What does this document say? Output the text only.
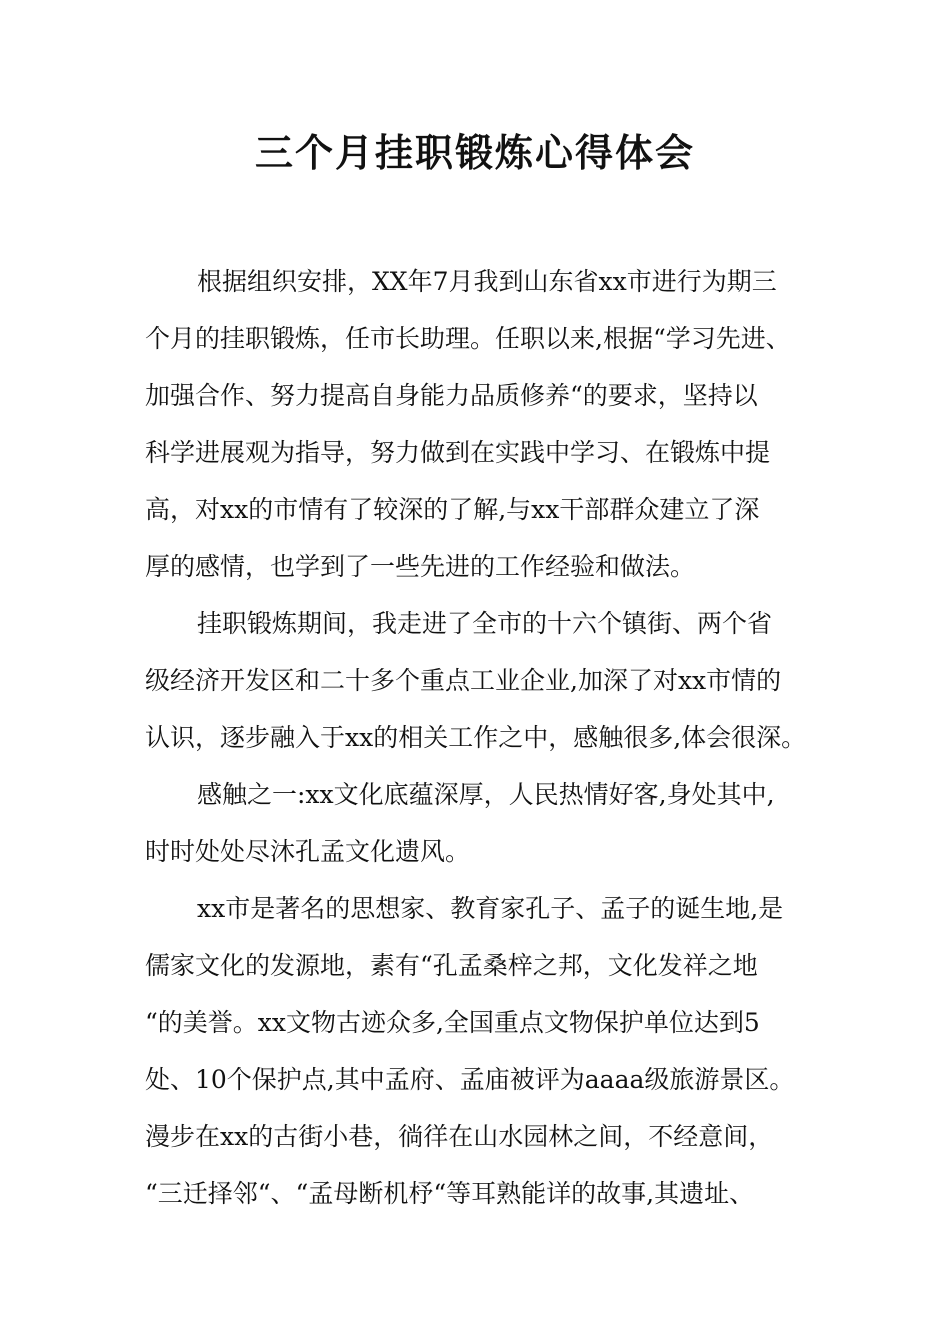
三个月挂职锻炼心得体会
根据组织安排，XX年7月我到山东省xx市进行为期三
个月的挂职锻炼，任市长助理。任职以来,根据“学习先进、
加强合作、努力提高自身能力品质修养“的要求，坚持以
科学进展观为指导，努力做到在实践中学习、在锻炼中提
高，对xx的市情有了较深的了解,与xx干部群众建立了深
厚的感情，也学到了一些先进的工作经验和做法。
挂职锻炼期间，我走进了全市的十六个镇街、两个省
级经济开发区和二十多个重点工业企业,加深了对xx市情的
认识，逐步融入于xx的相关工作之中，感触很多,体会很深。
感触之一:xx文化底蕴深厚，人民热情好客,身处其中,
时时处处尽沐孔孟文化遗风。
xx市是著名的思想家、教育家孔子、孟子的诞生地,是
儒家文化的发源地，素有“孔孟桑梓之邦，文化发祥之地
“的美誉。xx文物古迹众多,全国重点文物保护单位达到5
处、10个保护点,其中孟府、孟庙被评为aaaa级旅游景区。
漫步在xx的古街小巷，徜徉在山水园林之间，不经意间，
“三迁择邻“、“孟母断机杼“等耳熟能详的故事,其遗址、
